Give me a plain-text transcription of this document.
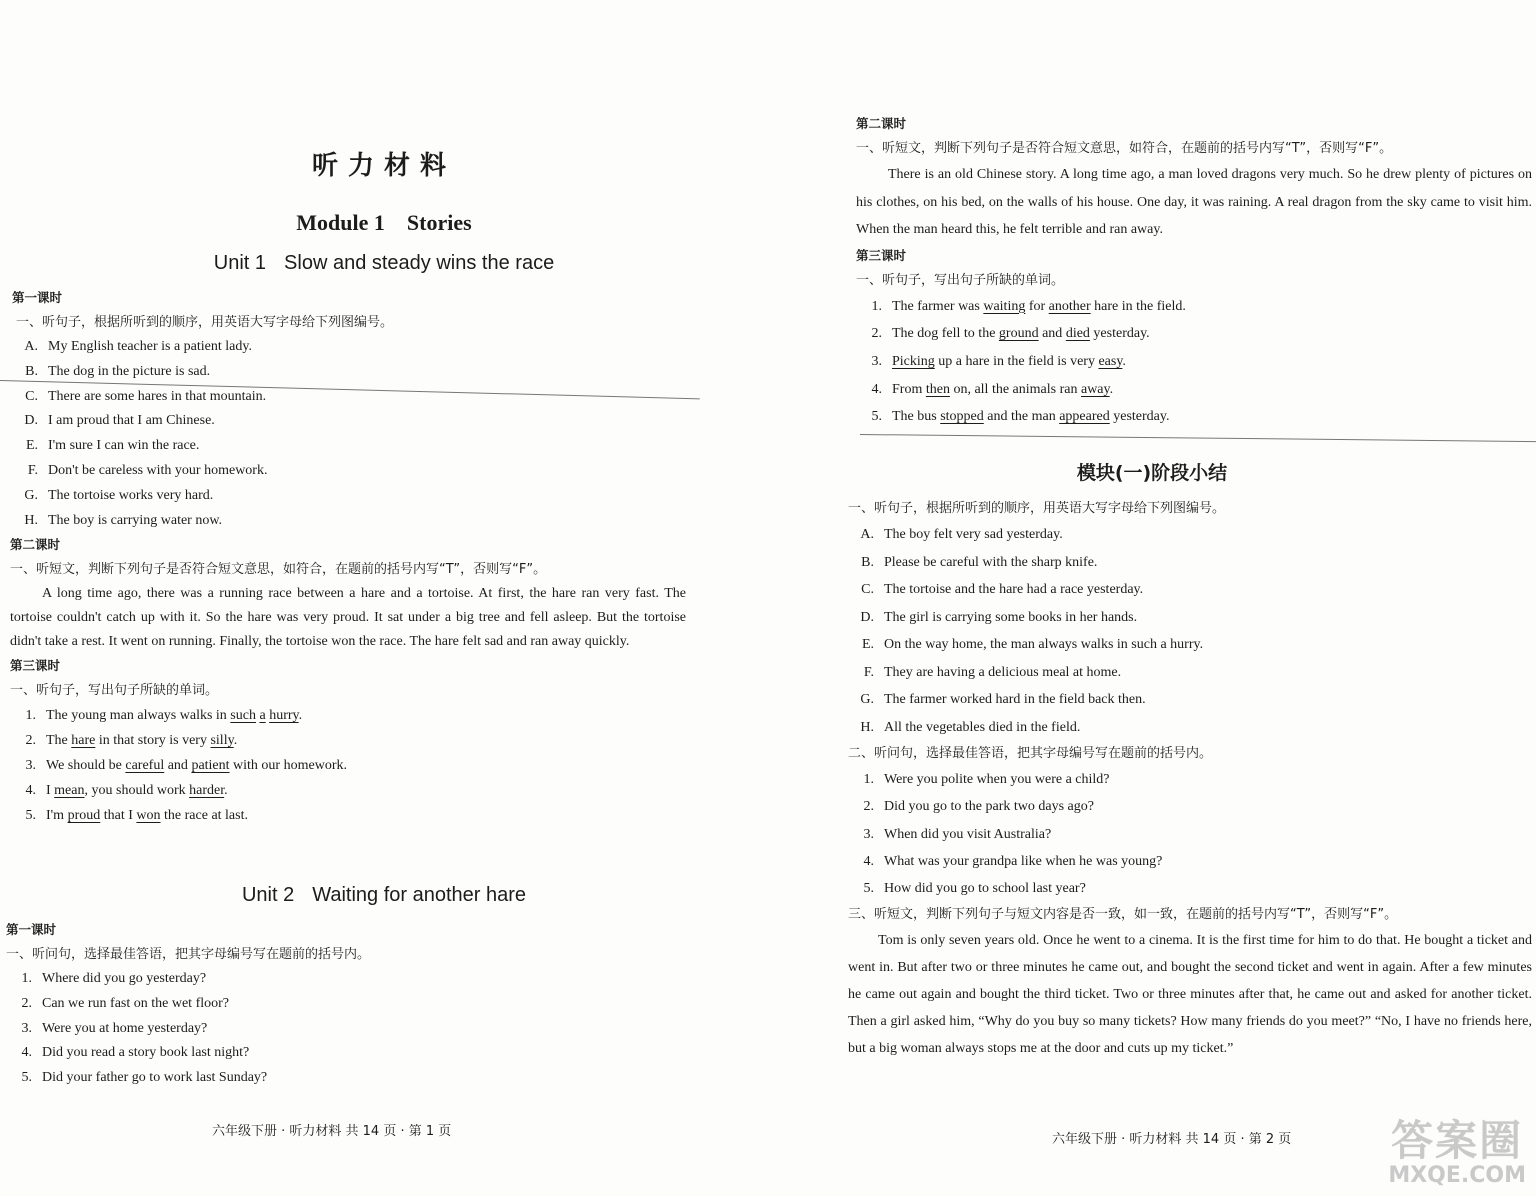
听力材料
Module 1    Stories
Unit 1 Slow and steady wins the race
第一课时
一、听句子，根据所听到的顺序，用英语大写字母给下列图编号。
A. My English teacher is a patient lady.
B. The dog in the picture is sad.
C. There are some hares in that mountain.
D. I am proud that I am Chinese.
E. I'm sure I can win the race.
F. Don't be careless with your homework.
G. The tortoise works very hard.
H. The boy is carrying water now.
第二课时
一、听短文，判断下列句子是否符合短文意思，如符合，在题前的括号内写“T”，否则写“F”。
A long time ago, there was a running race between a hare and a tortoise. At first, the hare ran very fast. The tortoise couldn't catch up with it. So the hare was very proud. It sat under a big tree and fell asleep. But the tortoise didn't take a rest. It went on running. Finally, the tortoise won the race. The hare felt sad and ran away quickly.
第三课时
一、听句子，写出句子所缺的单词。
1. The young man always walks in such a hurry.
2. The hare in that story is very silly.
3. We should be careful and patient with our homework.
4. I mean, you should work harder.
5. I'm proud that I won the race at last.
Unit 2 Waiting for another hare
第一课时
一、听问句，选择最佳答语，把其字母编号写在题前的括号内。
1. Where did you go yesterday?
2. Can we run fast on the wet floor?
3. Were you at home yesterday?
4. Did you read a story book last night?
5. Did your father go to work last Sunday?
六年级下册 · 听力材料 共 14 页 · 第 1 页
第二课时
一、听短文，判断下列句子是否符合短文意思，如符合，在题前的括号内写“T”，否则写“F”。
There is an old Chinese story. A long time ago, a man loved dragons very much. So he drew plenty of pictures on his clothes, on his bed, on the walls of his house. One day, it was raining. A real dragon from the sky came to visit him. When the man heard this, he felt terrible and ran away.
第三课时
一、听句子，写出句子所缺的单词。
1. The farmer was waiting for another hare in the field.
2. The dog fell to the ground and died yesterday.
3. Picking up a hare in the field is very easy.
4. From then on, all the animals ran away.
5. The bus stopped and the man appeared yesterday.
模块(一)阶段小结
一、听句子，根据所听到的顺序，用英语大写字母给下列图编号。
A. The boy felt very sad yesterday.
B. Please be careful with the sharp knife.
C. The tortoise and the hare had a race yesterday.
D. The girl is carrying some books in her hands.
E. On the way home, the man always walks in such a hurry.
F. They are having a delicious meal at home.
G. The farmer worked hard in the field back then.
H. All the vegetables died in the field.
二、听问句，选择最佳答语，把其字母编号写在题前的括号内。
1. Were you polite when you were a child?
2. Did you go to the park two days ago?
3. When did you visit Australia?
4. What was your grandpa like when he was young?
5. How did you go to school last year?
三、听短文，判断下列句子与短文内容是否一致，如一致，在题前的括号内写“T”，否则写“F”。
Tom is only seven years old. Once he went to a cinema. It is the first time for him to do that. He bought a ticket and went in. But after two or three minutes he came out, and bought the second ticket and went in again. After a few minutes he came out again and bought the third ticket. Two or three minutes after that, he came out and asked for another ticket. Then a girl asked him, “Why do you buy so many tickets? How many friends do you meet?” “No, I have no friends here, but a big woman always stops me at the door and cuts up my ticket.”
六年级下册 · 听力材料 共 14 页 · 第 2 页 答案圈
MXQE.COM
